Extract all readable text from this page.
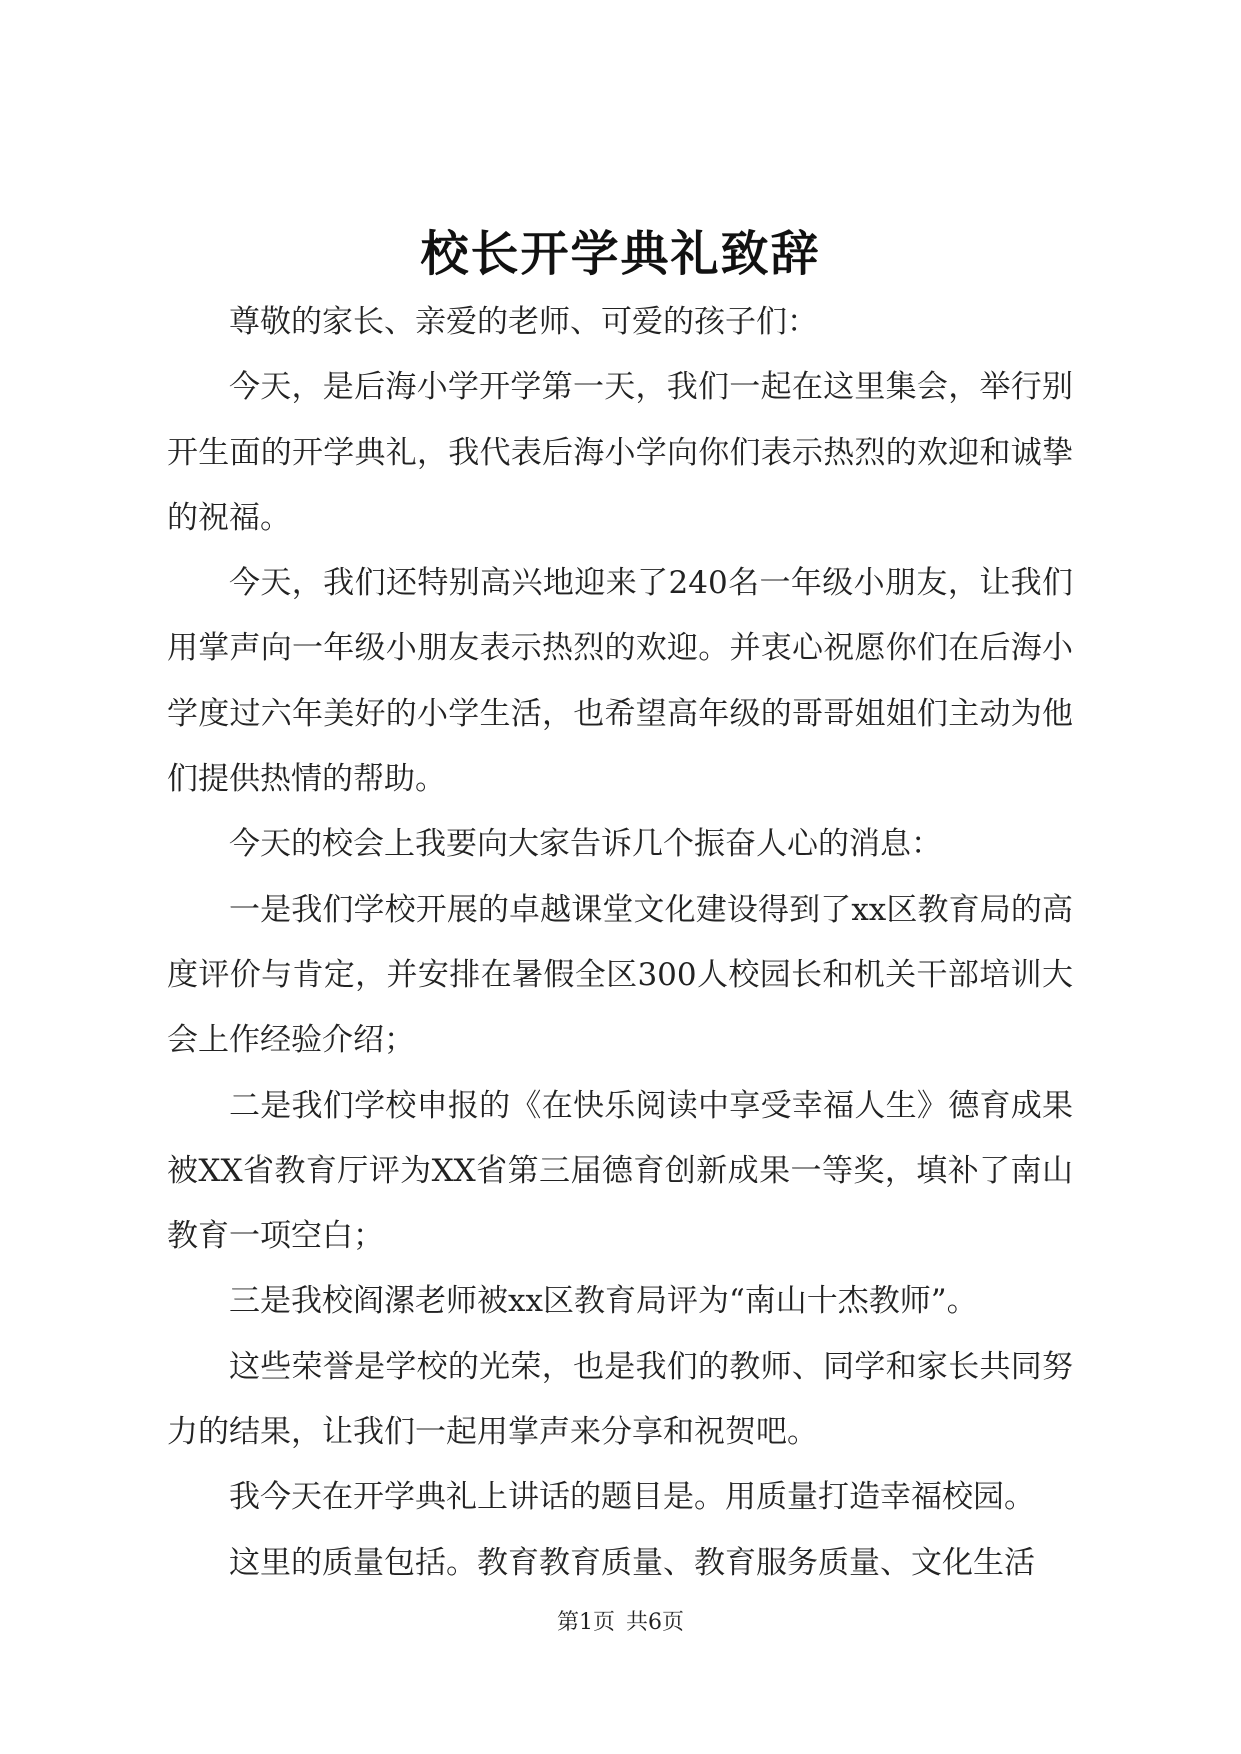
校长开学典礼致辞

尊敬的家长、亲爱的老师、可爱的孩子们：

今天，是后海小学开学第一天，我们一起在这里集会，举行别开生面的开学典礼，我代表后海小学向你们表示热烈的欢迎和诚挚的祝福。

今天，我们还特别高兴地迎来了240名一年级小朋友，让我们用掌声向一年级小朋友表示热烈的欢迎。并衷心祝愿你们在后海小学度过六年美好的小学生活，也希望高年级的哥哥姐姐们主动为他们提供热情的帮助。

今天的校会上我要向大家告诉几个振奋人心的消息：

一是我们学校开展的卓越课堂文化建设得到了xx区教育局的高度评价与肯定，并安排在暑假全区300人校园长和机关干部培训大会上作经验介绍；

二是我们学校申报的《在快乐阅读中享受幸福人生》德育成果被XX省教育厅评为XX省第三届德育创新成果一等奖，填补了南山教育一项空白；

三是我校阎漯老师被xx区教育局评为“南山十杰教师”。

这些荣誉是学校的光荣，也是我们的教师、同学和家长共同努力的结果，让我们一起用掌声来分享和祝贺吧。

我今天在开学典礼上讲话的题目是。用质量打造幸福校园。

这里的质量包括。教育教育质量、教育服务质量、文化生活

第1页 共6页
